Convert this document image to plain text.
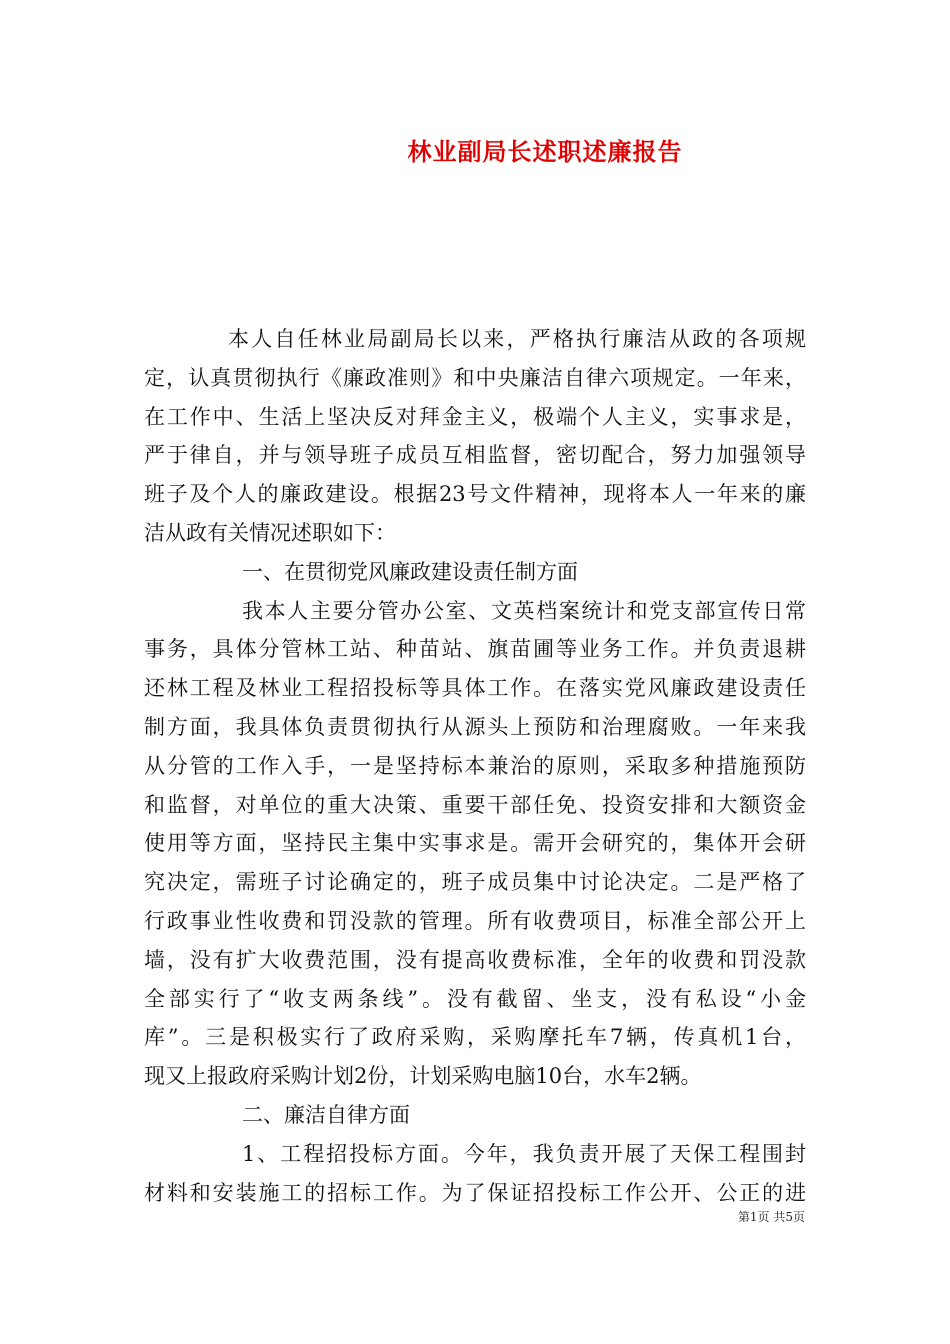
林业副局长述职述廉报告
本人自任林业局副局长以来，严格执行廉洁从政的各项规
定，认真贯彻执行《廉政准则》和中央廉洁自律六项规定。一年来，
在工作中、生活上坚决反对拜金主义，极端个人主义，实事求是，
严于律自，并与领导班子成员互相监督，密切配合，努力加强领导
班子及个人的廉政建设。根据23号文件精神，现将本人一年来的廉
洁从政有关情况述职如下：
一、在贯彻党风廉政建设责任制方面
我本人主要分管办公室、文英档案统计和党支部宣传日常
事务，具体分管林工站、种苗站、旗苗圃等业务工作。并负责退耕
还林工程及林业工程招投标等具体工作。在落实党风廉政建设责任
制方面，我具体负责贯彻执行从源头上预防和治理腐败。一年来我
从分管的工作入手，一是坚持标本兼治的原则，采取多种措施预防
和监督，对单位的重大决策、重要干部任免、投资安排和大额资金
使用等方面，坚持民主集中实事求是。需开会研究的，集体开会研
究决定，需班子讨论确定的，班子成员集中讨论决定。二是严格了
行政事业性收费和罚没款的管理。所有收费项目，标准全部公开上
墙，没有扩大收费范围，没有提高收费标准，全年的收费和罚没款
全部实行了“收支两条线”。没有截留、坐支，没有私设“小金
库”。三是积极实行了政府采购，采购摩托车7辆，传真机1台，
现又上报政府采购计划2份，计划采购电脑10台，水车2辆。
二、廉洁自律方面
1、工程招投标方面。今年，我负责开展了天保工程围封
材料和安装施工的招标工作。为了保证招投标工作公开、公正的进
第1页 共5页
